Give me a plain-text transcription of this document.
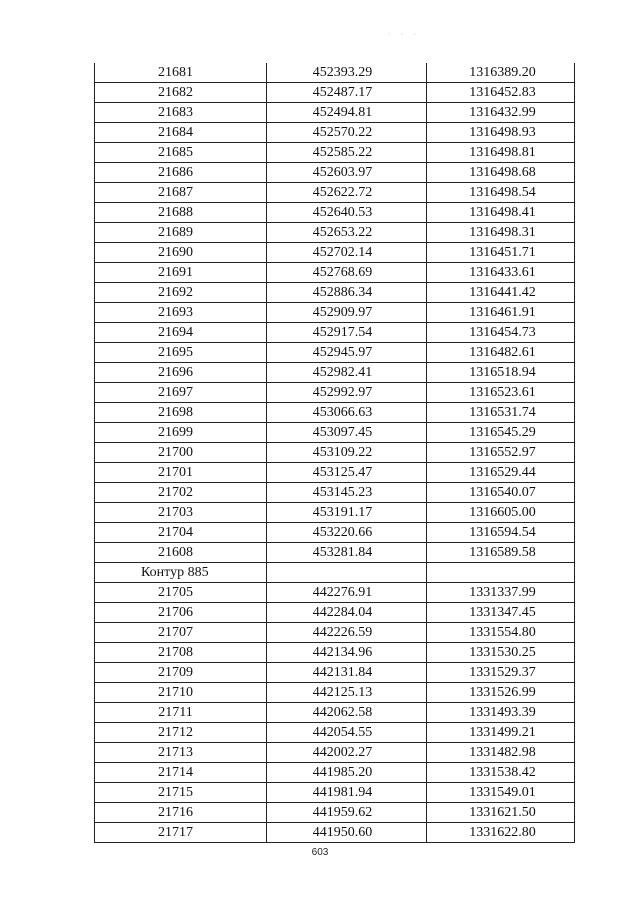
· · ·
21681	452393.29	1316389.20
21682	452487.17	1316452.83
21683	452494.81	1316432.99
21684	452570.22	1316498.93
21685	452585.22	1316498.81
21686	452603.97	1316498.68
21687	452622.72	1316498.54
21688	452640.53	1316498.41
21689	452653.22	1316498.31
21690	452702.14	1316451.71
21691	452768.69	1316433.61
21692	452886.34	1316441.42
21693	452909.97	1316461.91
21694	452917.54	1316454.73
21695	452945.97	1316482.61
21696	452982.41	1316518.94
21697	452992.97	1316523.61
21698	453066.63	1316531.74
21699	453097.45	1316545.29
21700	453109.22	1316552.97
21701	453125.47	1316529.44
21702	453145.23	1316540.07
21703	453191.17	1316605.00
21704	453220.66	1316594.54
21608	453281.84	1316589.58
Контур 885		
21705	442276.91	1331337.99
21706	442284.04	1331347.45
21707	442226.59	1331554.80
21708	442134.96	1331530.25
21709	442131.84	1331529.37
21710	442125.13	1331526.99
21711	442062.58	1331493.39
21712	442054.55	1331499.21
21713	442002.27	1331482.98
21714	441985.20	1331538.42
21715	441981.94	1331549.01
21716	441959.62	1331621.50
21717	441950.60	1331622.80
603
